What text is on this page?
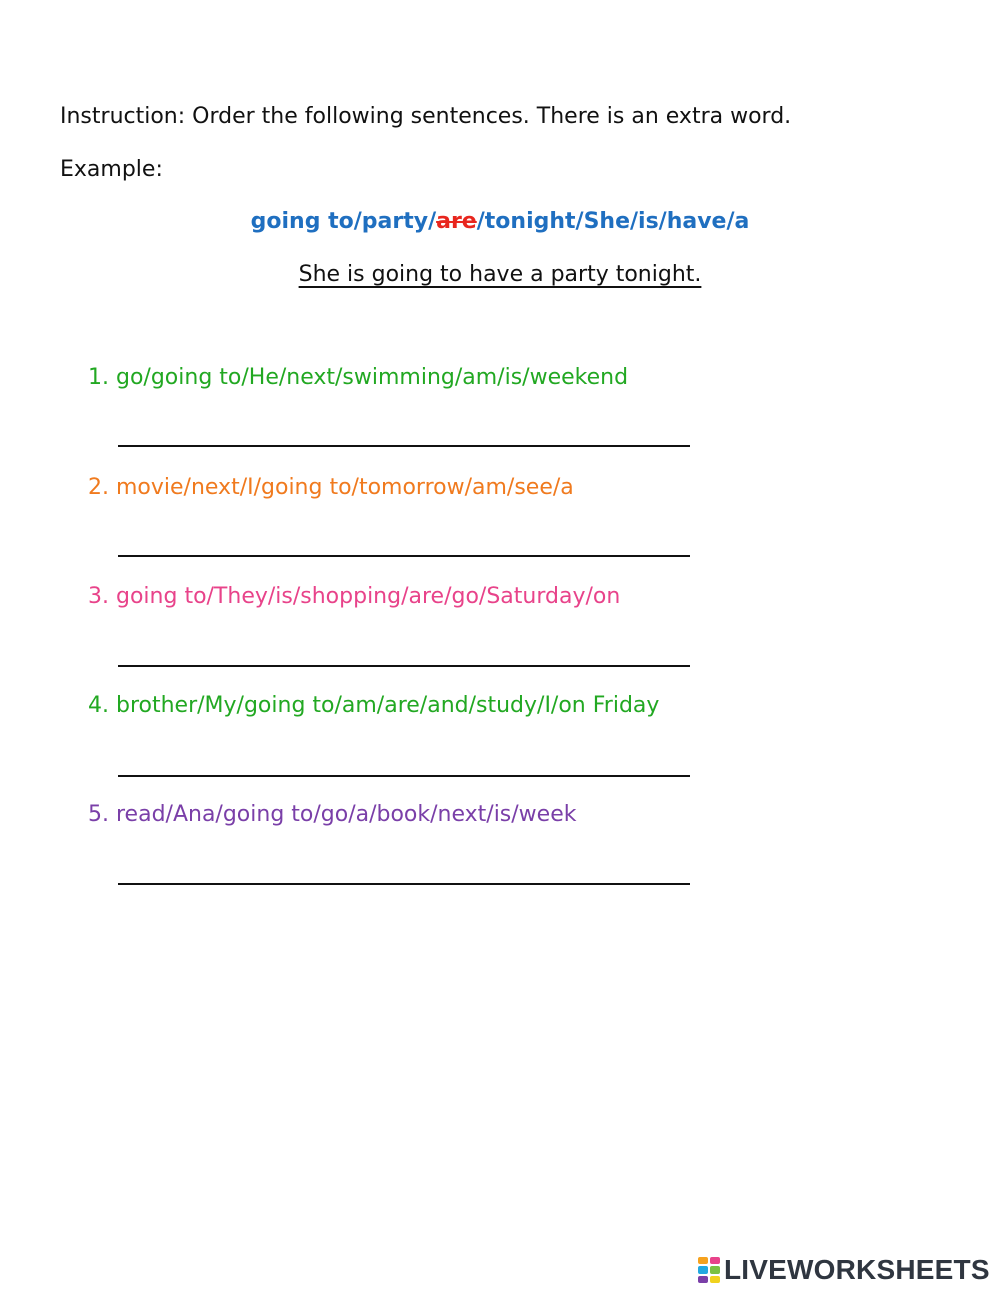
Instruction: Order the following sentences. There is an extra word.
Example:
going to/party/are/tonight/She/is/have/a
She is going to have a party tonight.
1. go/going to/He/next/swimming/am/is/weekend
2. movie/next/I/going to/tomorrow/am/see/a
3. going to/They/is/shopping/are/go/Saturday/on
4. brother/My/going to/am/are/and/study/I/on Friday
5. read/Ana/going to/go/a/book/next/is/week
LIVEWORKSHEETS
